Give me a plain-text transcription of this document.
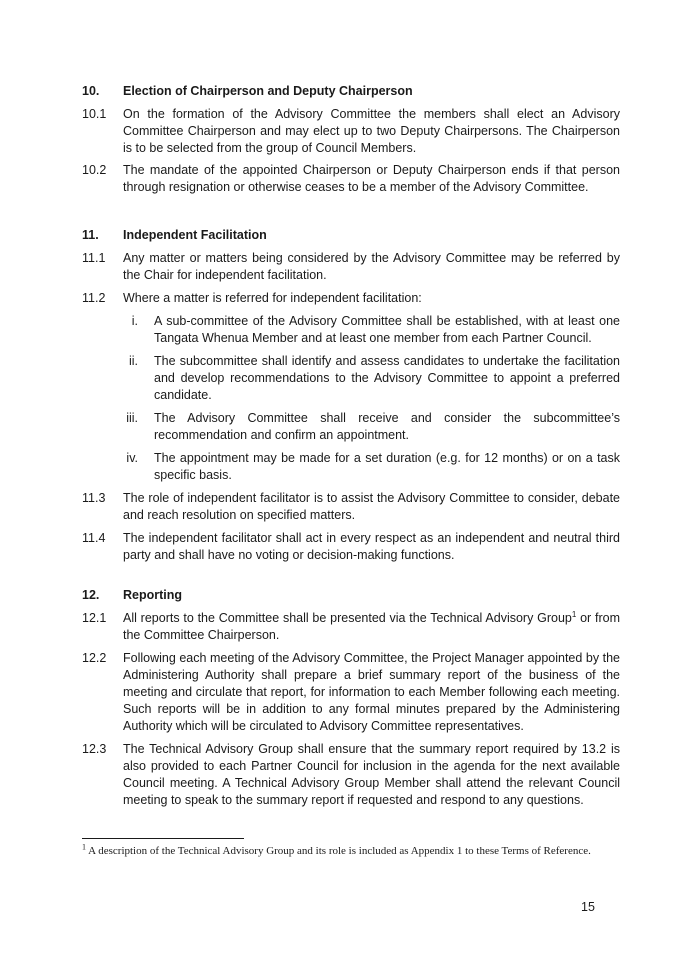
10. Election of Chairperson and Deputy Chairperson
10.1 On the formation of the Advisory Committee the members shall elect an Advisory Committee Chairperson and may elect up to two Deputy Chairpersons. The Chairperson is to be selected from the group of Council Members.
10.2 The mandate of the appointed Chairperson or Deputy Chairperson ends if that person through resignation or otherwise ceases to be a member of the Advisory Committee.
11. Independent Facilitation
11.1 Any matter or matters being considered by the Advisory Committee may be referred by the Chair for independent facilitation.
11.2 Where a matter is referred for independent facilitation:
i. A sub-committee of the Advisory Committee shall be established, with at least one Tangata Whenua Member and at least one member from each Partner Council.
ii. The subcommittee shall identify and assess candidates to undertake the facilitation and develop recommendations to the Advisory Committee to appoint a preferred candidate.
iii. The Advisory Committee shall receive and consider the subcommittee’s recommendation and confirm an appointment.
iv. The appointment may be made for a set duration (e.g. for 12 months) or on a task specific basis.
11.3 The role of independent facilitator is to assist the Advisory Committee to consider, debate and reach resolution on specified matters.
11.4 The independent facilitator shall act in every respect as an independent and neutral third party and shall have no voting or decision-making functions.
12. Reporting
12.1 All reports to the Committee shall be presented via the Technical Advisory Group$^1$ or from the Committee Chairperson.
12.2 Following each meeting of the Advisory Committee, the Project Manager appointed by the Administering Authority shall prepare a brief summary report of the business of the meeting and circulate that report, for information to each Member following each meeting. Such reports will be in addition to any formal minutes prepared by the Administering Authority which will be circulated to Advisory Committee representatives.
12.3 The Technical Advisory Group shall ensure that the summary report required by 13.2 is also provided to each Partner Council for inclusion in the agenda for the next available Council meeting. A Technical Advisory Group Member shall attend the relevant Council meeting to speak to the summary report if requested and respond to any questions.
$^1$ A description of the Technical Advisory Group and its role is included as Appendix 1 to these Terms of Reference.
15
